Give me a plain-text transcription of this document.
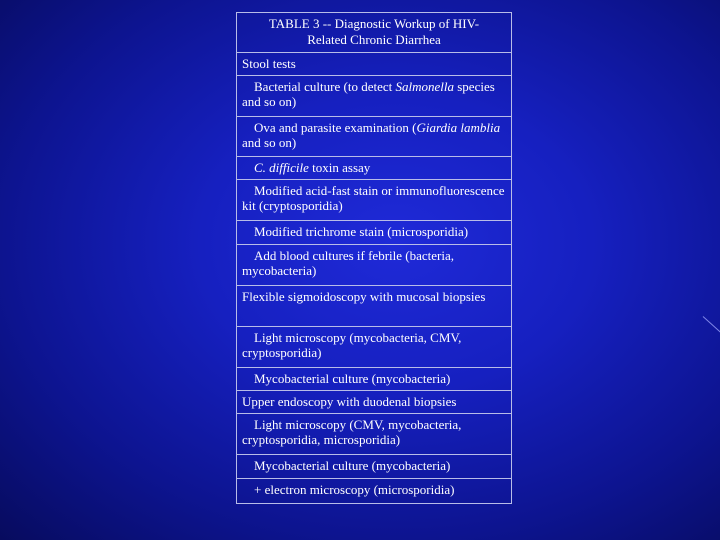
TABLE 3 -- Diagnostic Workup of HIV-
Related Chronic Diarrhea
Stool tests
Bacterial culture (to detect Salmonella species and so on)
Ova and parasite examination (Giardia lamblia and so on)
C. difficile toxin assay
Modified acid-fast stain or immunofluorescence kit (cryptosporidia)
Modified trichrome stain (microsporidia)
Add blood cultures if febrile (bacteria, mycobacteria)
Flexible sigmoidoscopy with mucosal biopsies
Light microscopy (mycobacteria, CMV, cryptosporidia)
Mycobacterial culture (mycobacteria)
Upper endoscopy with duodenal biopsies
Light microscopy (CMV, mycobacteria, cryptosporidia, microsporidia)
Mycobacterial culture (mycobacteria)
+ electron microscopy (microsporidia)
